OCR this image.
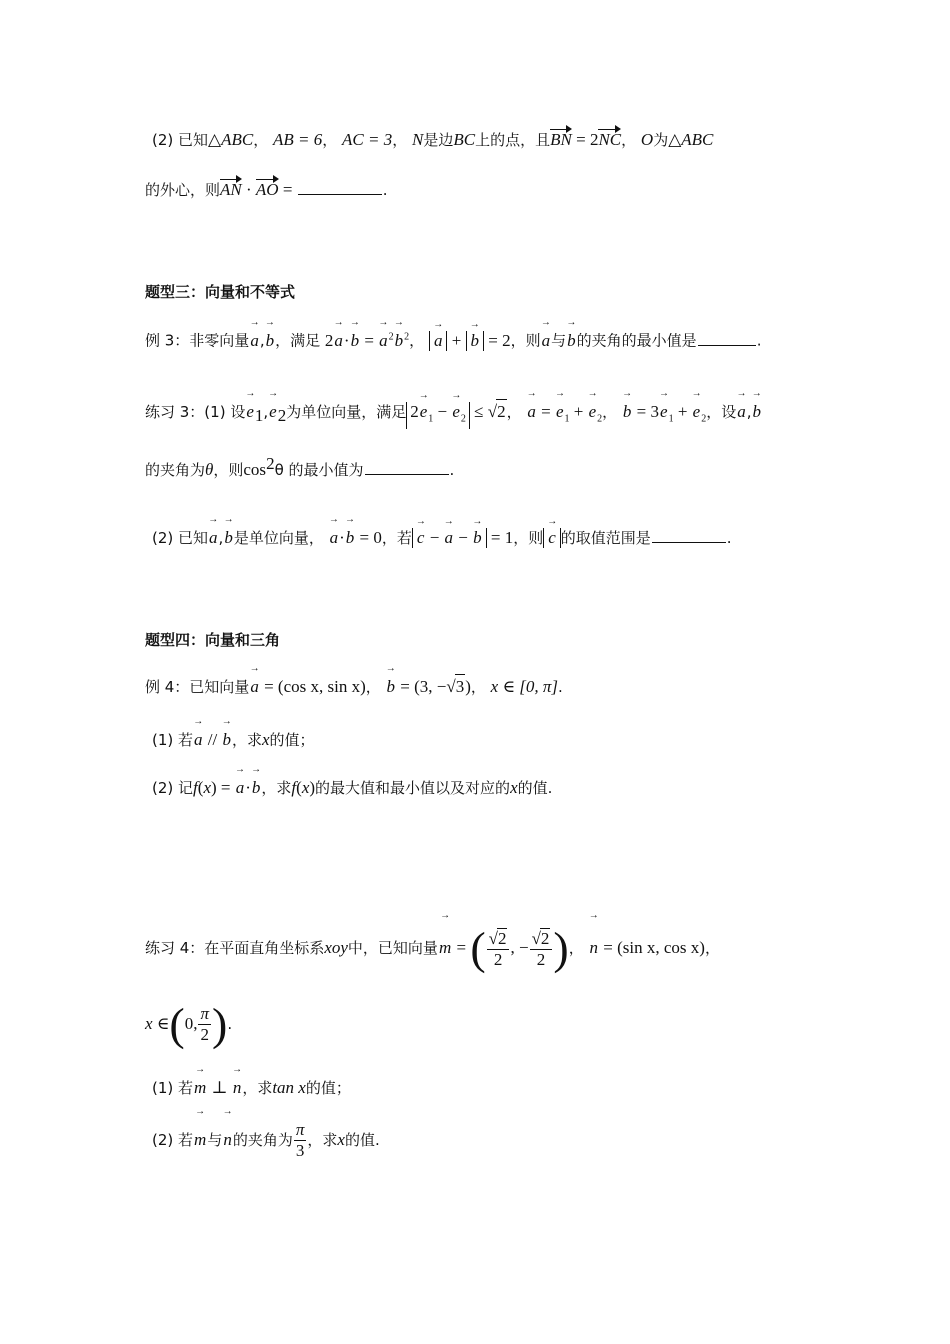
(2) 已知△ABC， AB = 6， AC = 3， N是边BC上的点，且BN = 2NC， O为△ABC
的外心，则AN · AO =	.
题型三：向量和不等式
例 3：非零向量→ a,→ b，满足 2→ a·→ b = → $a^2\to b^2$， → a + → b = 2，则→ a与→ b的夹角的最小值是	.
练习 3：(1) 设→ $e_1,\to e_2$为单位向量，满足 $2\to e_1$ − → $e_2 \le √2$， → a = → $e_1$ + → $e_2$， → $b = 3\to e_1$ + → $e_2$，设→ a,→ b
的夹角为θ，则$\cos^2\theta$ 的最小值为	.
(2) 已知→ a,→ b是单位向量， → a·→ b = 0，若 → c − → a − → b = 1，则 → c 的取值范围是	.
题型四：向量和三角
例 4：已知向量→ a = (cos x, sin x)， → b = (3, −√3)， x ∈ [0, π].
(1) 若→ a // → b，求x的值；
(2) 记f(x) = → a·→ b，求f(x)的最大值和最小值以及对应的x的值.
练习 4：在平面直角坐标系xoy中，已知向量→ m = ( $\frac{√2}{2}$ , − $\frac{√2}{2}$ )， → n = (sin x, cos x)，
x ∈(0, $\frac{\pi}{2}$ ).
(1) 若→ m ⊥ → n，求tan x的值；
(2) 若→ m与→ n的夹角为 $\frac{\pi}{3}$ ，求x的值.
